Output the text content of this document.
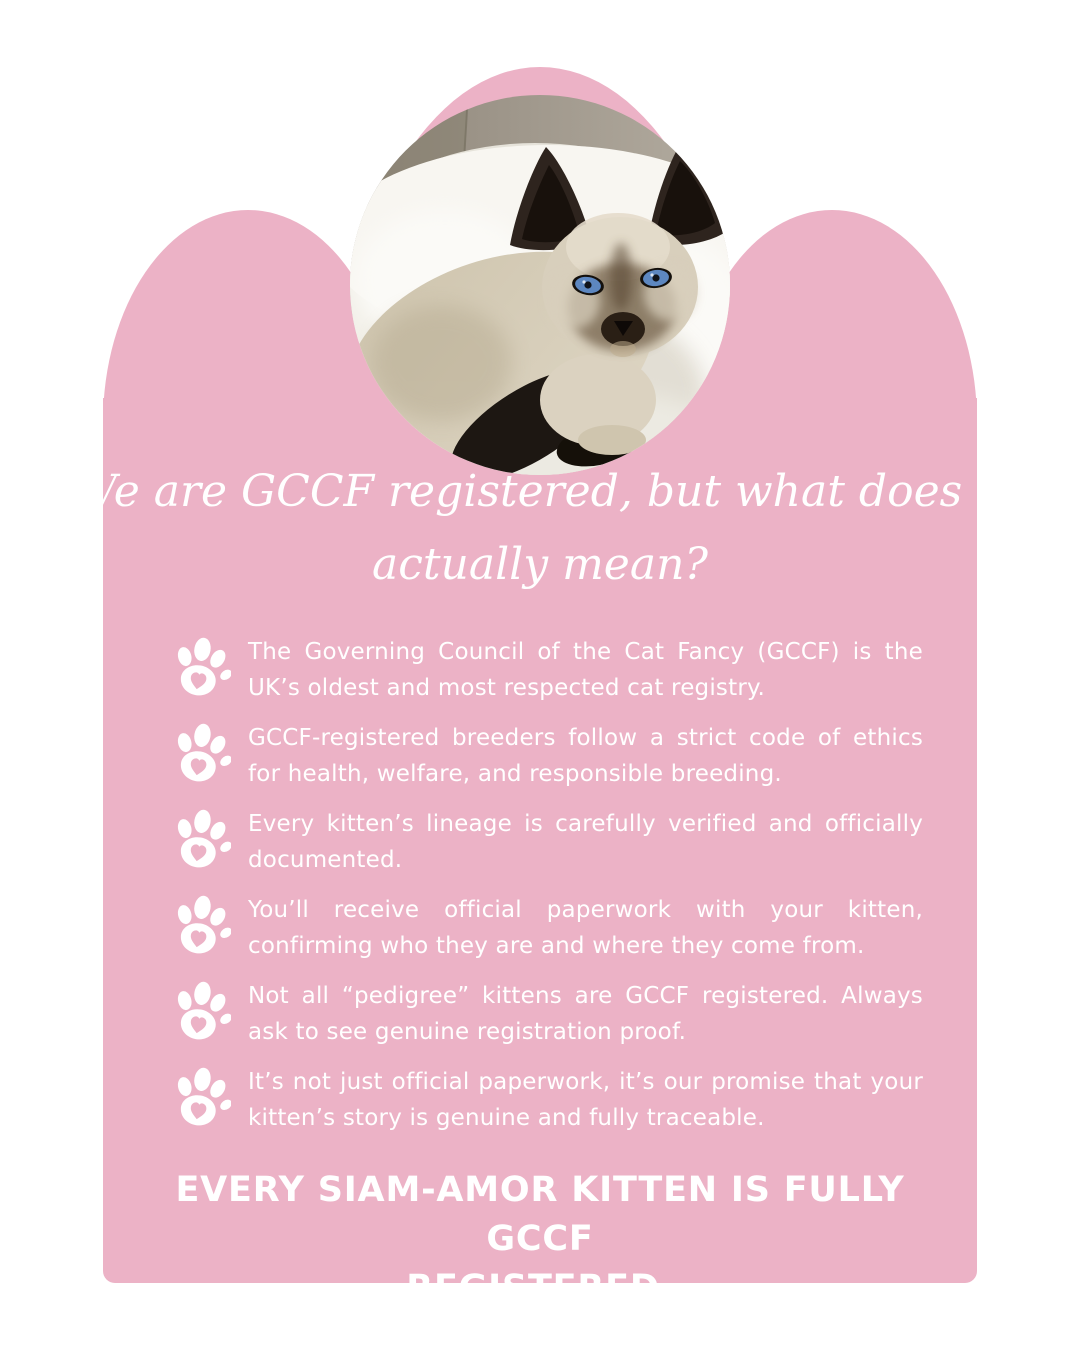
We are GCCF registered, but what does it
actually mean?
The Governing Council of the Cat Fancy (GCCF) is the UK’s oldest and most respected cat registry.
GCCF-registered breeders follow a strict code of ethics for health, welfare, and responsible breeding.
Every kitten’s lineage is carefully verified and officially documented.
You’ll receive official paperwork with your kitten, confirming who they are and where they come from.
Not all “pedigree” kittens are GCCF registered. Always ask to see genuine registration proof.
It’s not just official paperwork, it’s our promise that your kitten’s story is genuine and fully traceable.
EVERY SIAM-AMOR KITTEN IS FULLY GCCF
REGISTERED.
